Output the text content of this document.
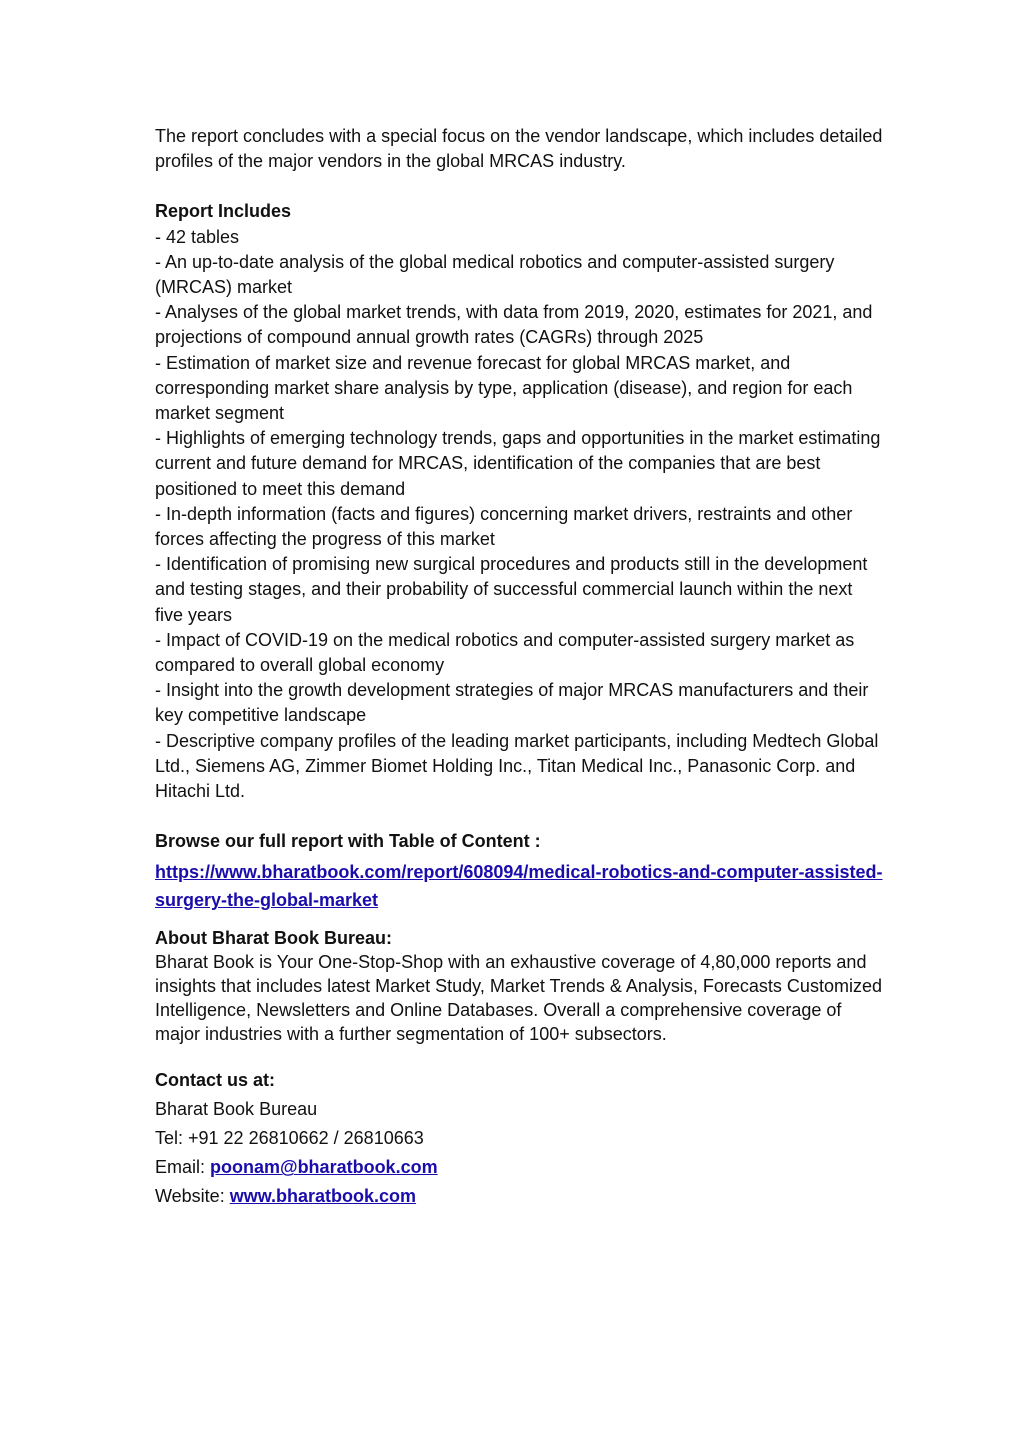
The report concludes with a special focus on the vendor landscape, which includes detailed profiles of the major vendors in the global MRCAS industry.

Report Includes
- 42 tables
- An up-to-date analysis of the global medical robotics and computer-assisted surgery (MRCAS) market
- Analyses of the global market trends, with data from 2019, 2020, estimates for 2021, and projections of compound annual growth rates (CAGRs) through 2025
- Estimation of market size and revenue forecast for global MRCAS market, and corresponding market share analysis by type, application (disease), and region for each market segment
- Highlights of emerging technology trends, gaps and opportunities in the market estimating current and future demand for MRCAS, identification of the companies that are best positioned to meet this demand
- In-depth information (facts and figures) concerning market drivers, restraints and other forces affecting the progress of this market
- Identification of promising new surgical procedures and products still in the development and testing stages, and their probability of successful commercial launch within the next five years
- Impact of COVID-19 on the medical robotics and computer-assisted surgery market as compared to overall global economy
- Insight into the growth development strategies of major MRCAS manufacturers and their key competitive landscape
- Descriptive company profiles of the leading market participants, including Medtech Global Ltd., Siemens AG, Zimmer Biomet Holding Inc., Titan Medical Inc., Panasonic Corp. and Hitachi Ltd.
Browse our full report with Table of Content :
https://www.bharatbook.com/report/608094/medical-robotics-and-computer-assisted-surgery-the-global-market
About Bharat Book Bureau:

Bharat Book is Your One-Stop-Shop with an exhaustive coverage of 4,80,000 reports and insights that includes latest Market Study, Market Trends & Analysis, Forecasts Customized Intelligence, Newsletters and Online Databases. Overall a comprehensive coverage of major industries with a further segmentation of 100+ subsectors.

Contact us at:
Bharat Book Bureau
Tel: +91 22 26810662 / 26810663
Email: poonam@bharatbook.com
Website: www.bharatbook.com
